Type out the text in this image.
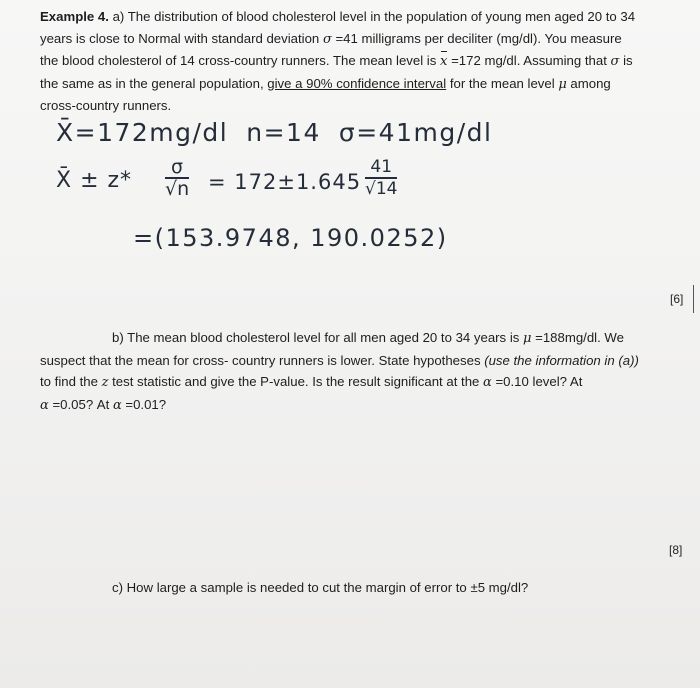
Example 4. a) The distribution of blood cholesterol level in the population of young men aged 20 to 34
years is close to Normal with standard deviation σ =41 milligrams per deciliter (mg/dl). You measure
the blood cholesterol of 14 cross-country runners. The mean level is x =172 mg/dl. Assuming that σ is
the same as in the general population, give a 90% confidence interval for the mean level μ among
cross-country runners.
X̄=172mg/dl n=14 σ=41mg/dl
X̄ ± $z* \frac{\sigma}{√n} = 172\pm 1.645 \frac{41}{√14}$
=(153.9748, 190.0252)
[6]
b) The mean blood cholesterol level for all men aged 20 to 34 years is μ =188mg/dl. We
suspect that the mean for cross- country runners is lower. State hypotheses (use the information in (a))
to find the z test statistic and give the P-value. Is the result significant at the α =0.10 level? At
α =0.05? At α =0.01?
[8]
c) How large a sample is needed to cut the margin of error to ±5 mg/dl?
